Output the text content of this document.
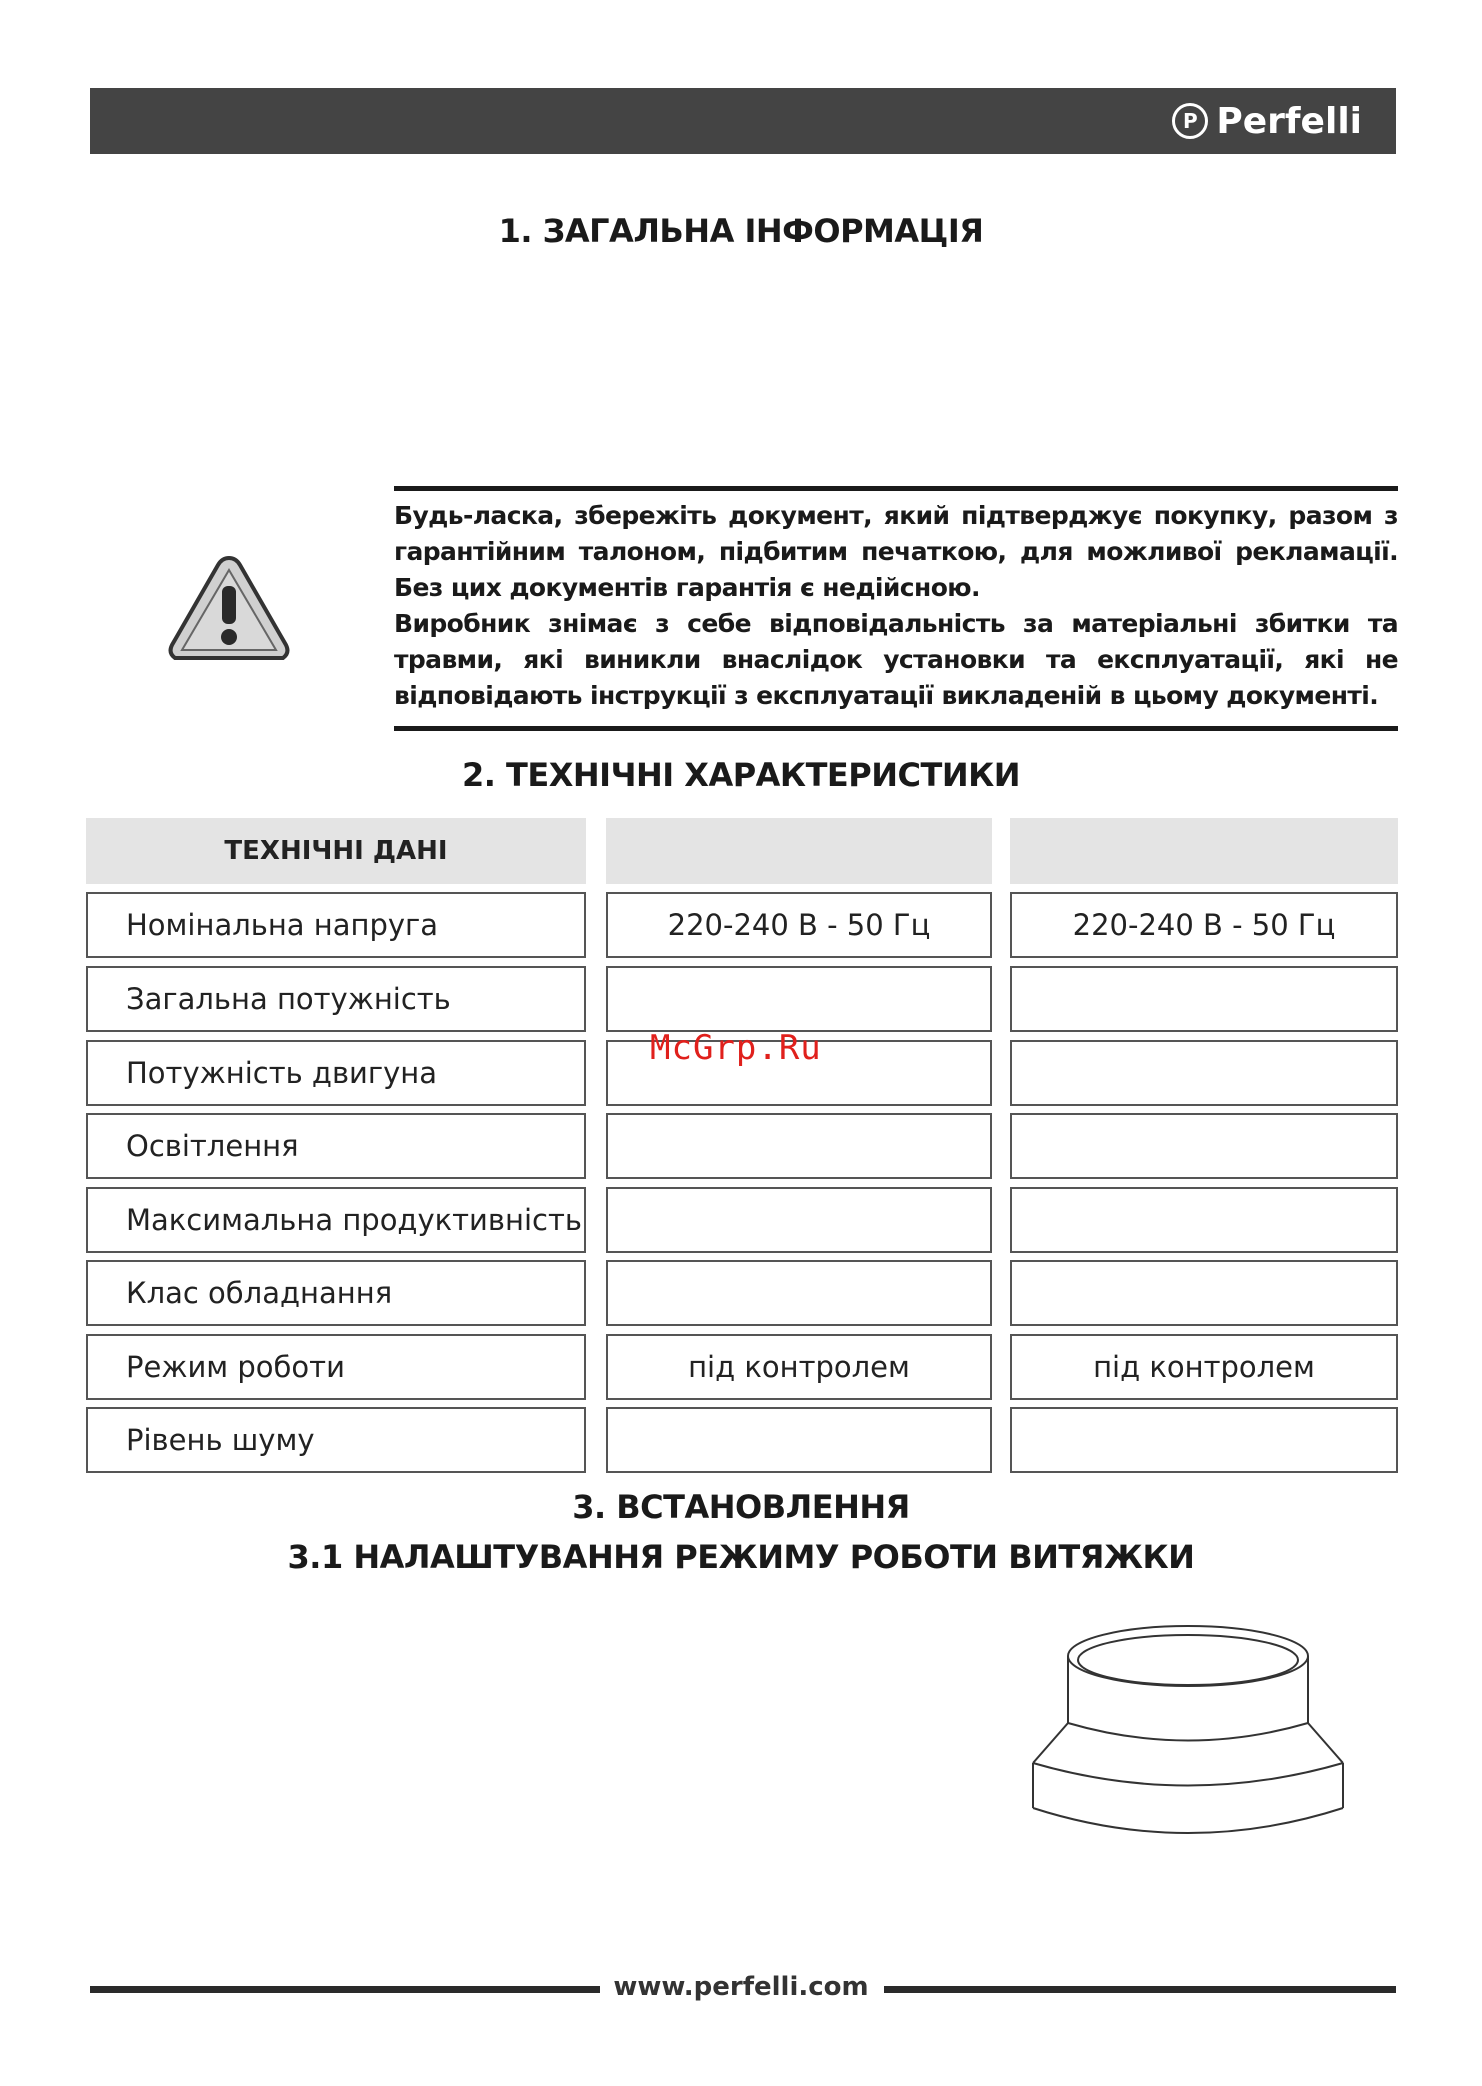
P Perfelli
1. ЗАГАЛЬНА ІНФОРМАЦІЯ

Будь-ласка, збережіть документ, який підтверджує покупку, разом з гарантійним талоном, підбитим печаткою, для можливої рекламації. Без цих документів гарантія є недійсною.

Виробник знімає з себе відповідальність за матеріальні збитки та травми, які виникли внаслідок установки та експлуатації, які не відповідають інструкції з експлуатації викладеній в цьому документі.

2. ТЕХНІЧНІ ХАРАКТЕРИСТИКИ
ТЕХНІЧНІ ДАНІ
Номінальна напруга	220-240 В - 50 Гц	220-240 В - 50 Гц
Загальна потужність
Потужність двигуна
Освітлення
Максимальна продуктивність
Клас обладнання
Режим роботи	під контролем	під контролем
Рівень шуму
McGrp.Ru
3. ВСТАНОВЛЕННЯ
3.1 НАЛАШТУВАННЯ РЕЖИМУ РОБОТИ ВИТЯЖКИ
www.perfelli.com
